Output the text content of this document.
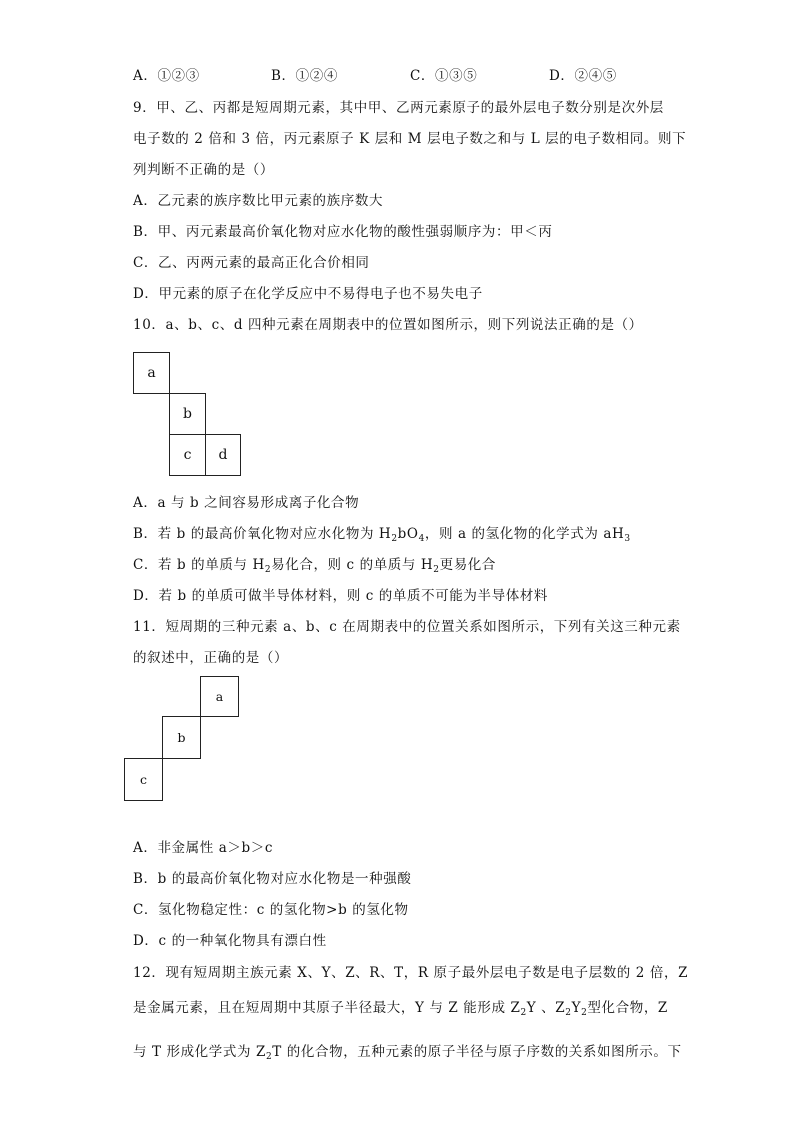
A．①②③	B．①②④	C．①③⑤	D．②④⑤
9．甲、乙、丙都是短周期元素，其中甲、乙两元素原子的最外层电子数分别是次外层
电子数的 2 倍和 3 倍，丙元素原子 K 层和 M 层电子数之和与 L 层的电子数相同。则下
列判断不正确的是（）
A．乙元素的族序数比甲元素的族序数大
B．甲、丙元素最高价氧化物对应水化物的酸性强弱顺序为：甲＜丙
C．乙、丙两元素的最高正化合价相同
D．甲元素的原子在化学反应中不易得电子也不易失电子
10．a、b、c、d 四种元素在周期表中的位置如图所示，则下列说法正确的是（）
a
b
c	d
A．a 与 b 之间容易形成离子化合物
B．若 b 的最高价氧化物对应水化物为 $H_2bO_4$，则 a 的氢化物的化学式为 $aH_3$
C．若 b 的单质与 $H_2$易化合，则 c 的单质与 $H_2$更易化合
D．若 b 的单质可做半导体材料，则 c 的单质不可能为半导体材料
11．短周期的三种元素 a、b、c 在周期表中的位置关系如图所示，下列有关这三种元素
的叙述中，正确的是（）
a
b
c
A．非金属性 a＞b＞c
B．b 的最高价氧化物对应水化物是一种强酸
C．氢化物稳定性：c 的氢化物>b 的氢化物
D．c 的一种氧化物具有漂白性
12．现有短周期主族元素 X、Y、Z、R、T，R 原子最外层电子数是电子层数的 2 倍，Z
是金属元素，且在短周期中其原子半径最大，Y 与 Z 能形成 $Z_2Y$ 、$Z_2Y_2$型化合物，Z
与 T 形成化学式为 $Z_2T$ 的化合物，五种元素的原子半径与原子序数的关系如图所示。下
